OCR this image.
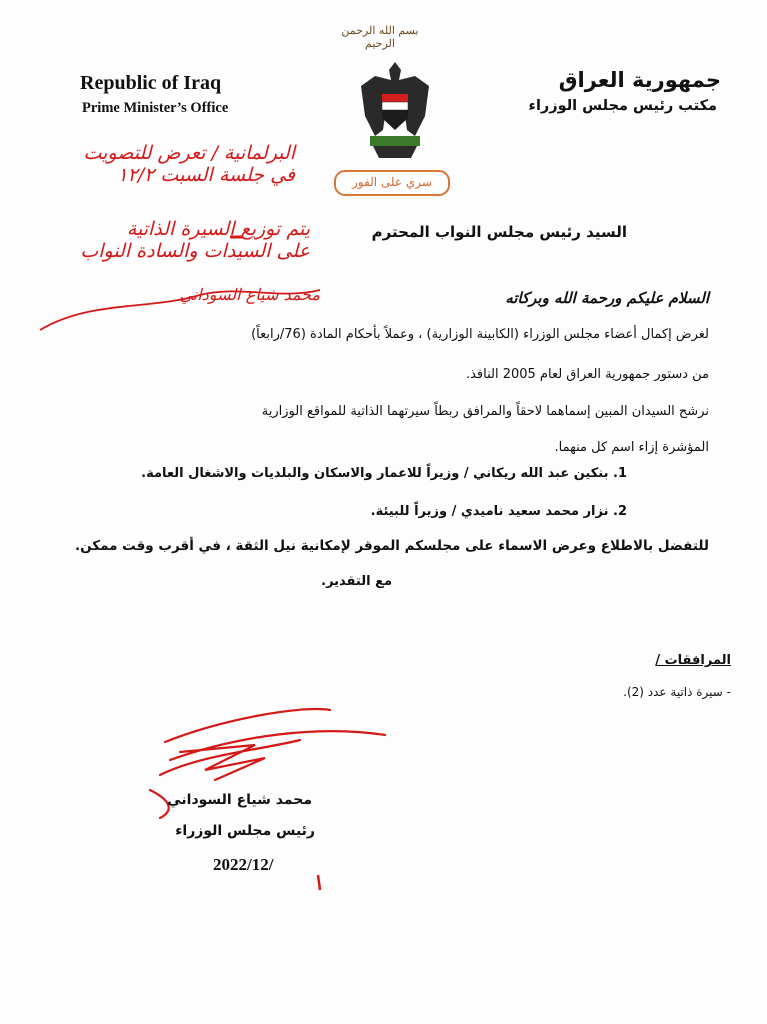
بسم الله الرحمن الرحيم
Republic of Iraq
Prime Minister’s Office
جمهورية العراق
مكتب رئيس مجلس الوزراء
سري على الفور
البرلمانية / تعرض للتصويت
في جلسة السبت ١٢/٢
يتم توزيع السيرة الذاتية
على السيدات والسادة النواب
محمد شياع السوداني
السيد رئيس مجلس النواب المحترم
السلام عليكم ورحمة الله وبركاته
لغرض إكمال أعضاء مجلس الوزراء (الكابينة الوزارية) ، وعملاً بأحكام المادة (76/رابعاً)
من دستور جمهورية العراق لعام 2005 النافذ.
نرشح السيدان المبين إسماهما لاحقاً والمرافق ربطاً سيرتهما الذاتية للمواقع الوزارية
المؤشرة إزاء اسم كل منهما.
1. بنكين عبد الله ريكاني / وزيراً للاعمار والاسكان والبلديات والاشغال العامة.
2. نزار محمد سعيد ناميدي / وزيراً للبيئة.
للتفضل بالاطلاع وعرض الاسماء على مجلسكم الموقر لإمكانية نيل الثقة ، في أقرب وقت ممكن.
مع التقدير.
المرافقات /
- سيرة ذاتية عدد (2).
محمد شياع السوداني
رئيس مجلس الوزراء
2022/12/
